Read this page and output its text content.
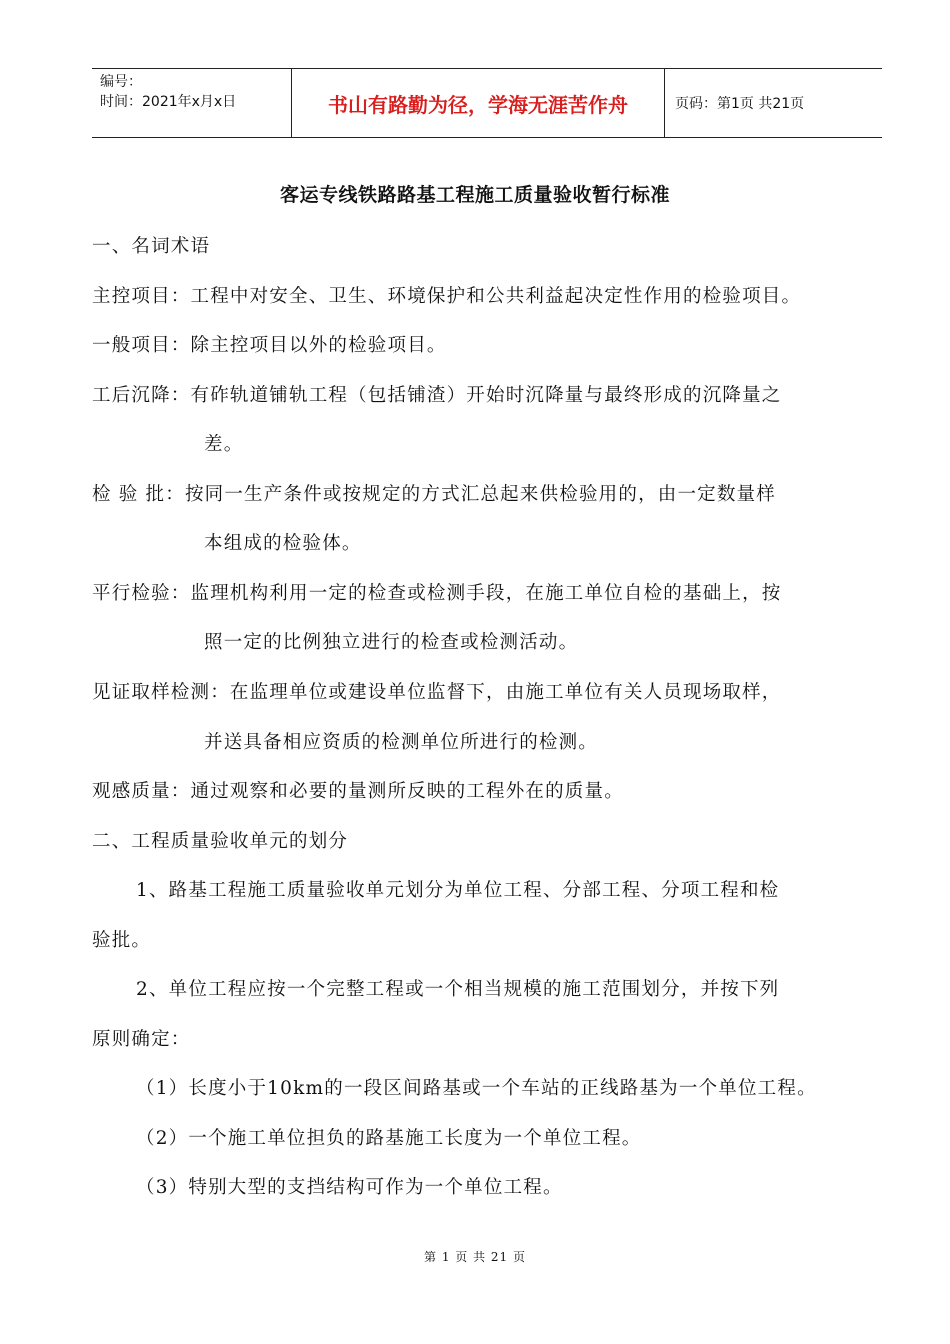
编号：
时间：2021年x月x日	书山有路勤为径，学海无涯苦作舟	页码：第1页 共21页
客运专线铁路路基工程施工质量验收暂行标准
一、名词术语
主控项目：工程中对安全、卫生、环境保护和公共利益起决定性作用的检验项目。
一般项目：除主控项目以外的检验项目。
工后沉降：有砟轨道铺轨工程（包括铺渣）开始时沉降量与最终形成的沉降量之
差。
检 验 批：按同一生产条件或按规定的方式汇总起来供检验用的，由一定数量样
本组成的检验体。
平行检验：监理机构利用一定的检查或检测手段，在施工单位自检的基础上，按
照一定的比例独立进行的检查或检测活动。
见证取样检测：在监理单位或建设单位监督下，由施工单位有关人员现场取样，
并送具备相应资质的检测单位所进行的检测。
观感质量：通过观察和必要的量测所反映的工程外在的质量。
二、工程质量验收单元的划分
1、路基工程施工质量验收单元划分为单位工程、分部工程、分项工程和检
验批。
2、单位工程应按一个完整工程或一个相当规模的施工范围划分，并按下列
原则确定：
（1）长度小于10km的一段区间路基或一个车站的正线路基为一个单位工程。
（2）一个施工单位担负的路基施工长度为一个单位工程。
（3）特别大型的支挡结构可作为一个单位工程。
第 1 页 共 21 页
